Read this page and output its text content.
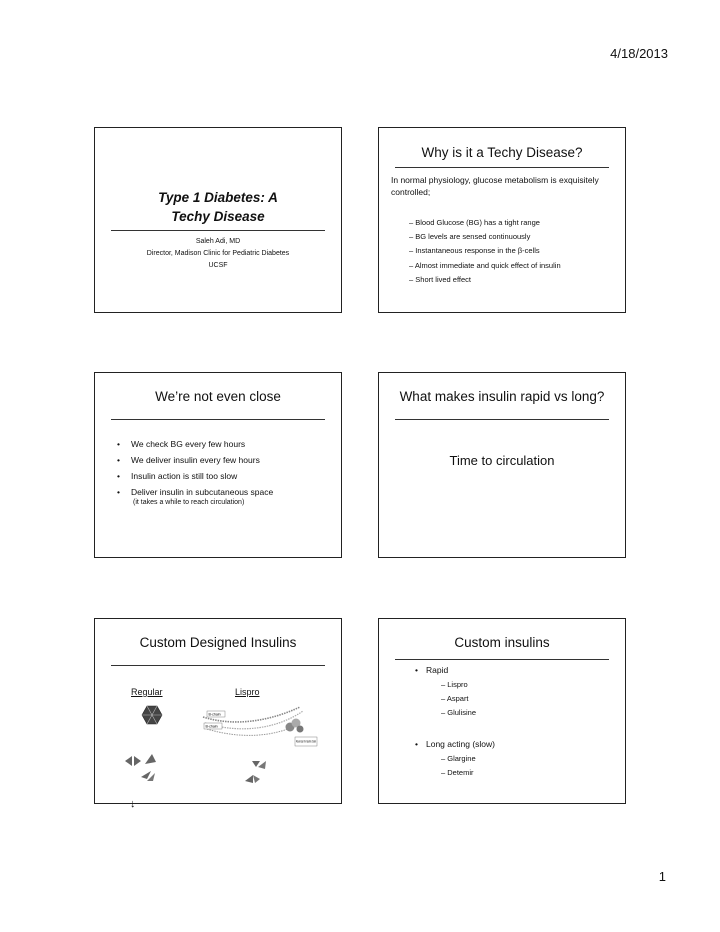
4/18/2013
Type 1 Diabetes: A Techy Disease
Saleh Adi, MD
Director, Madison Clinic for Pediatric Diabetes
UCSF
Why is it a Techy Disease?
In normal physiology, glucose metabolism is exquisitely controlled;
– Blood Glucose (BG) has a tight range
– BG levels are sensed continuously
– Instantaneous response in the β-cells
– Almost immediate and quick effect of insulin
– Short lived effect
We’re not even close
• We check BG every few hours
• We deliver insulin every few hours
• Insulin action is still too slow
• Deliver insulin in subcutaneous space
(it takes a while to reach circulation)
What makes insulin rapid vs long?
Time to circulation
Custom Designed Insulins
Regular	Lispro
B-chain
B-chain
Reversal in insulin chain
↓
Custom insulins
• Rapid
– Lispro
– Aspart
– Glulisine
• Long acting (slow)
– Glargine
– Detemir
1
